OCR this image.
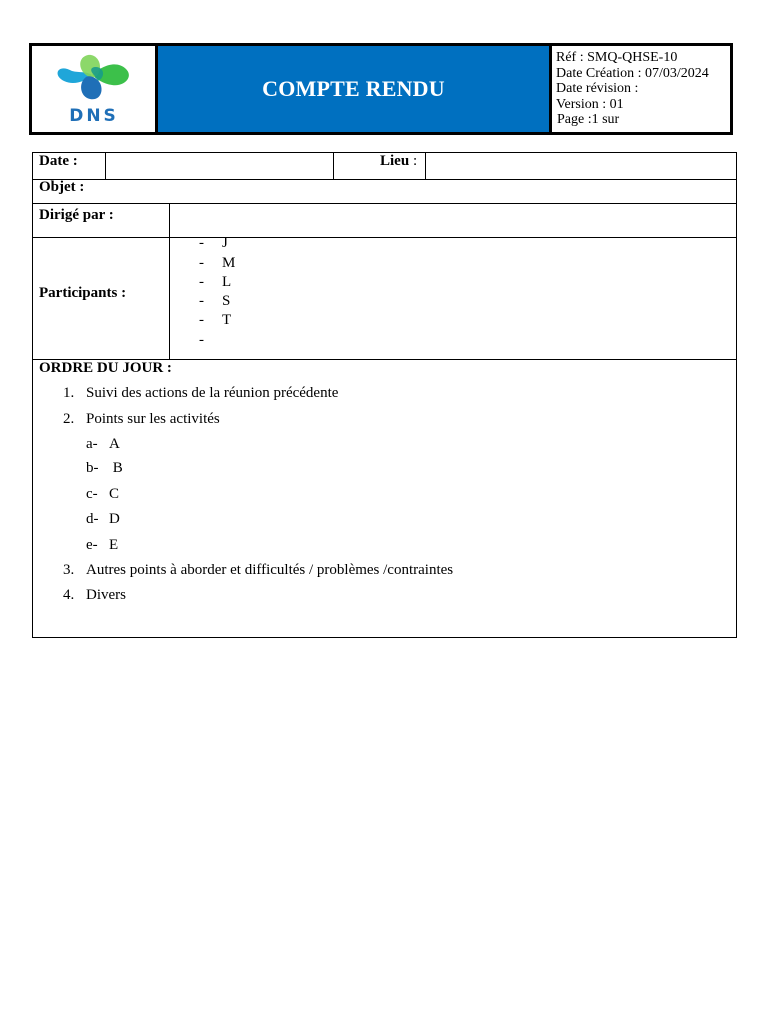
DNS
COMPTE RENDU
Réf : SMQ-QHSE-10
Date Création : 07/03/2024
Date révision :
Version : 01
Page :1 sur
Date :	Lieu :
Objet :
Dirigé par :
Participants :
- J
- M
- L
- S
- T
-
ORDRE DU JOUR :
1. Suivi des actions de la réunion précédente
2. Points sur les activités
a- A
b- B
c- C
d- D
e- E
3. Autres points à aborder et difficultés / problèmes /contraintes
4. Divers
